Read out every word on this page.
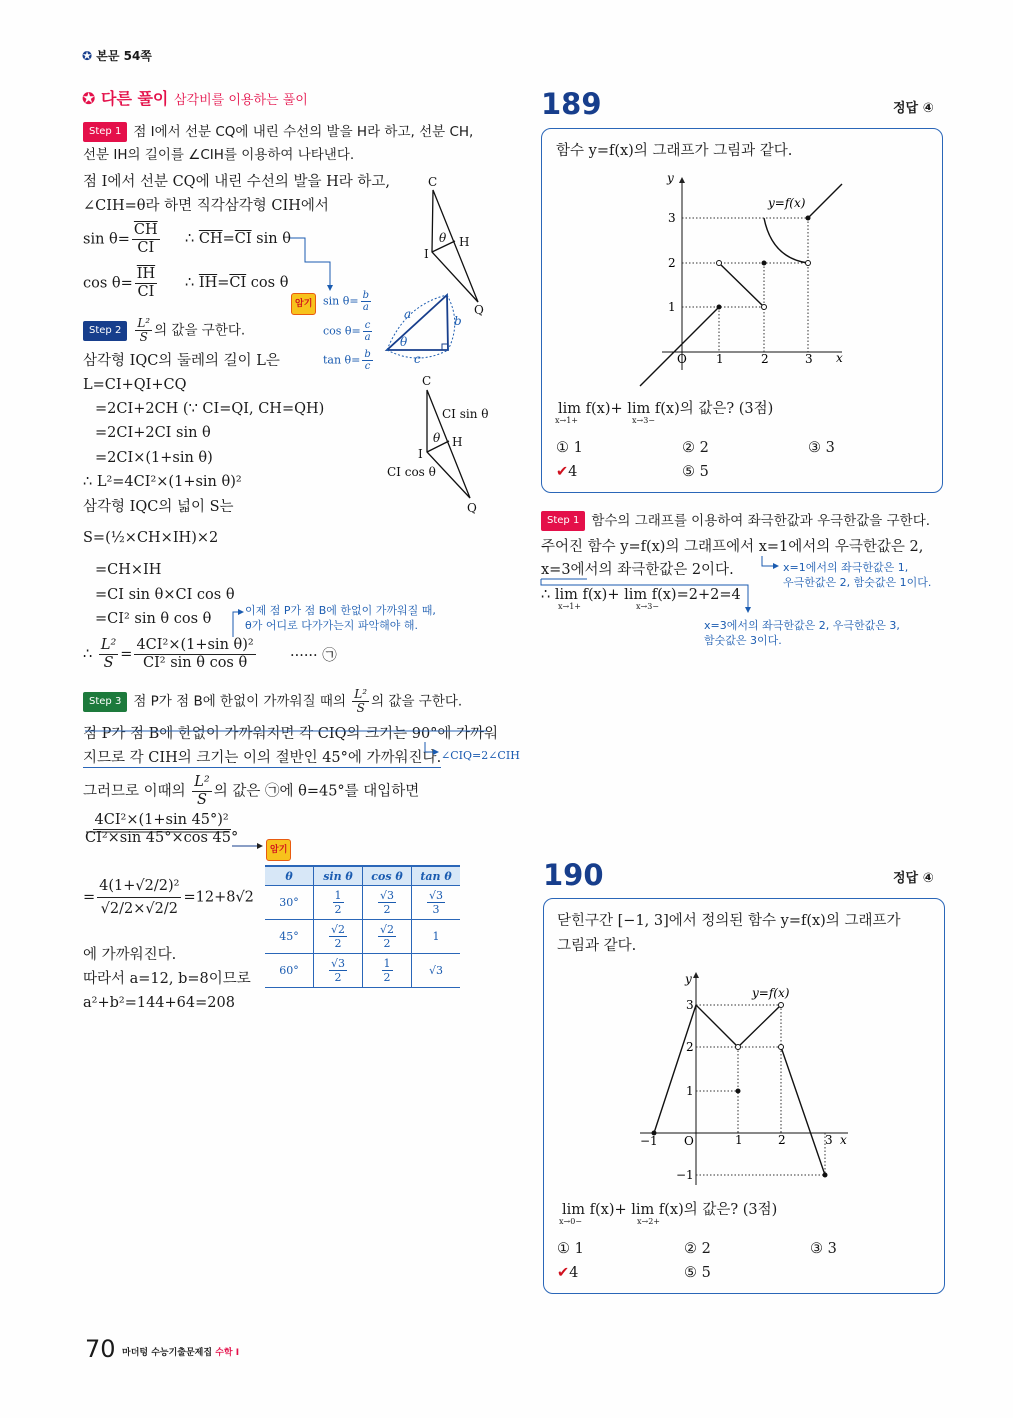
✪ 본문 54쪽
✪ 다른 풀이 삼각비를 이용하는 풀이
Step 1 점 I에서 선분 CQ에 내린 수선의 발을 H라 하고, 선분 CH,
선분 IH의 길이를 ∠CIH를 이용하여 나타낸다.
점 I에서 선분 CQ에 내린 수선의 발을 H라 하고,
∠CIH=θ라 하면 직각삼각형 CIH에서
$\sin \theta= \frac{\overline{CH}}{CI}$ ∴ $\overline{CH}=\overline{CI}$ sin θ
$\cos \theta= \frac{\overline{IH}}{CI}$ ∴ $\overline{IH}=\overline{CI}$ cos θ
암기 $\sin \theta= \frac{b}{a}$
$\cos \theta= \frac{c}{a}$
$\tan \theta= \frac{b}{c}$
Step $2 \frac{\text{L²}}{S}$ 의 값을 구한다.
삼각형 IQC의 둘레의 길이 L은
L=CI+QI+CQ
=2CI+2CH (∵ CI=QI, CH=QH)
=2CI+2CI sin θ
=2CI×(1+sin θ)
∴ L²=4CI²×(1+sin θ)²
삼각형 IQC의 넓이 S는
S=(½×CH×IH)×2
=CH×IH
=CI sin θ×CI cos θ
=CI² sin θ cos θ
이제 점 P가 점 B에 한없이 가까워질 때,
θ가 어디로 다가가는지 파악해야 해.
∴ $\frac{\text{L²}}{S} = \frac{\text{4CI²×(1+sin θ)²}}{\text{CI² sin θ cos θ}}$ ······ ㉠
Step 3 점 P가 점 B에 한없이 가까워질 때의 $\frac{\text{L²}}{S}$ 의 값을 구한다.
점 P가 점 B에 한없이 가까워지면 각 CIQ의 크기는 90°에 가까워
지므로 각 CIH의 크기는 이의 절반인 45°에 가까워진다. ∠CIQ=2∠CIH
그러므로 이때의 $\frac{\text{L²}}{S}$ 의 값은 ㉠에 θ=45°를 대입하면
$\frac{\text{4CI²×(1+sin 45°)²}}{\text{CI²×sin 45°×cos 45°}}$
암기
= $\frac{\text{4(1+√2/2)²}}{√2/2\times√2/2} =12+8√2$
에 가까워진다.
따라서 a=12, b=8이므로
a²+b²=144+64=208
θ	sin θ	cos θ	tan θ
30°	$\frac{1}{2}$	$\frac{√3}{2}$	$\frac{√3}{3}$

45°	$\frac{√2}{2}$	$\frac{√2}{2}$	1
60°	$\frac{√3}{2}$	$\frac{1}{2}$	√3
189	정답 ④
함수 y=f(x)의 그래프가 그림과 같다.
lim f(x)+ lim f(x)의 값은? (3점)
x→1+	x→3−
① 1	② 2	③ 3
✔4	⑤ 5
Step 1 함수의 그래프를 이용하여 좌극한값과 우극한값을 구한다.
주어진 함수 y=f(x)의 그래프에서 x=1에서의 우극한값은 2,
x=3에서의 좌극한값은 2이다.
∴ lim f(x)+ lim f(x)=2+2=4
x→1+	x→3−
x=1에서의 좌극한값은 1,
우극한값은 2, 함숫값은 1이다.
x=3에서의 좌극한값은 2, 우극한값은 3,
함숫값은 3이다.
190	정답 ④
닫힌구간 [−1, 3]에서 정의된 함수 y=f(x)의 그래프가
그림과 같다.
lim f(x)+ lim f(x)의 값은? (3점)
x→0−	x→2+
① 1	② 2	③ 3
✔4	⑤ 5
70 마더텅 수능기출문제집 수학 I
C
I
H
Q
θ
a	b
c
θ
C
I
H
Q
θ
CI sin θ
CI cos θ
y
x
O
y=f(x)
1	2	3
1
2
3
y
x
O
y=f(x)
−1	1	2	3
1
2
3
−1
